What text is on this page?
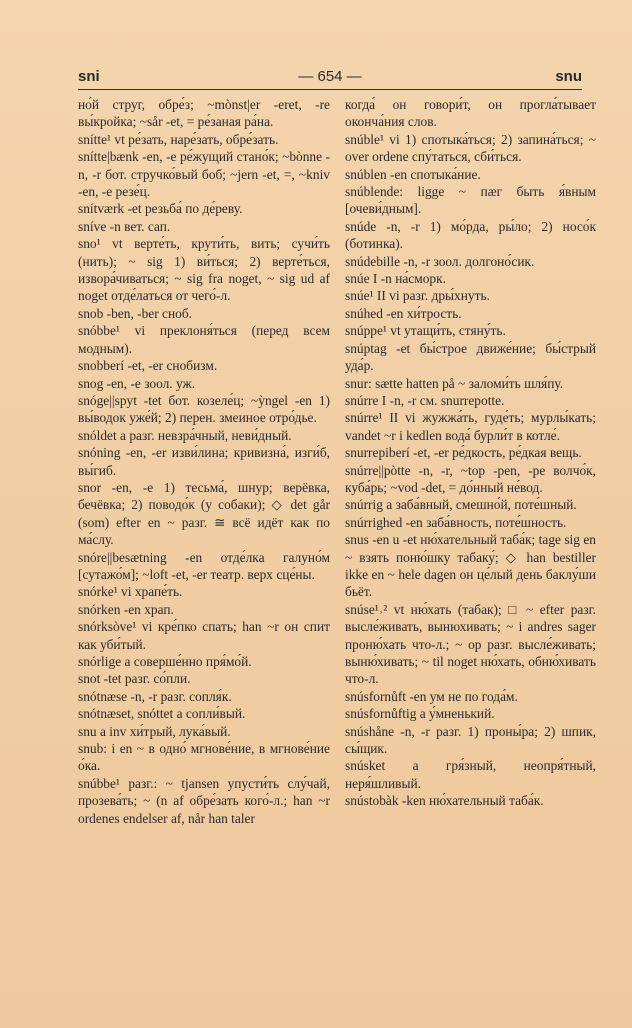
sni	— 654 —	snu

но́й струг, обре́з; ~mònst|er -eret, -re вы́кройка; ~sår -et, = ре́заная ра́на.

snítte¹ vt ре́зать, наре́зать, обре́зать.

snítte|bænk -en, -e ре́жущий стано́к; ~bònne -n, -r бот. стручко́вый боб; ~jern -et, =, ~kniv -en, -e резе́ц.

snítværk -et резьба́ по де́реву.

sníve -n вет. сап.

sno¹ vt верте́ть, крути́ть, вить; сучи́ть (нить); ~ sig 1) ви́ться; 2) верте́ться, извора́чиваться; ~ sig fra noget, ~ sig ud af noget отде́латься от чего́-л.

snob -ben, -ber сноб.

snóbbe¹ vi преклоня́ться (перед всем модным).

snobberí -et, -er снобизм.

snog -en, -e зоол. уж.

snóge||spyt -tet бот. козеле́ц; ~ỳngel -en 1) вы́водок уже́й; 2) перен. змеиное отро́дье.

snóldet a разг. невзра́чный, неви́дный.

snóning -en, -er изви́лина; кривизна́, изги́б, вы́гиб.

snor -en, -e 1) тесьма́, шнур; верёвка, бечёвка; 2) поводо́к (у собаки); ◇ det går (som) efter en ~ разг. ≅ всё идёт как по ма́слу.

snóre||besætning -en отде́лка галуно́м [сутажо́м]; ~loft -et, -er театр. верх сце́ны.

snórke¹ vi храпе́ть.

snórken -en храп.

snórksòve¹ vi кре́пко спать; han ~r он спит как уби́тый.

snórlige a соверше́нно пря́мо́й.

snot -tet разг. со́пли.

snótnæse -n, -r разг. сопля́к.

snótnæset, snóttet a сопли́вый.

snu a inv хи́трый, лука́вый.

snub: i en ~ в одно́ мгнове́ние, в мгнове́ние о́ка.

snúbbe¹ разг.: ~ tjansen упусти́ть слу́чай, прозева́ть; ~ (n af обре́зать кого́-л.; han ~r ordenes endelser af, når han taler

когда́ он говори́т, он прогла́тывает оконча́ния слов.

snúble¹ vi 1) спотыка́ться; 2) запина́ться; ~ over ordene спу́таться, сби́ться.

snúblen -en спотыка́ние.

snúblende: ligge ~ пæг быть я́вным [очеви́дным].

snúde -n, -r 1) мо́рда, ры́ло; 2) носо́к (ботинка).

snúdebille -n, -r зоол. долгоно́сик.

snúe I -n на́сморк.

snúe¹ II vi разг. дры́хнуть.

snúhed -en хи́трость.

snúppe¹ vt утащи́ть, стяну́ть.

snúptag -et бы́строе движе́ние; бы́стрый уда́р.

snur: sætte hatten på ~ заломи́ть шля́пу.

snúrre I -n, -r см. snurrepotte.

snúrre¹ II vi жужжа́ть, гуде́ть; мурлы́кать; vandet ~r i kedlen вода́ бурли́т в котле́.

snurrepiberí -et, -er ре́дкость, ре́дкая вещь.

snúrre||pòtte -n, -r, ~top -pen, -pe волчо́к, куба́рь; ~vod -det, = до́нный не́вод.

snúrrig a заба́вный, смешно́й, поте́шный.

snúrrighed -en заба́вность, поте́шность.

snus -en u -et ню́хательный таба́к; tage sig en ~ взять поню́шку табаку́; ◇ han bestiller ikke en ~ hele dagen он це́лый день баклу́ши бьёт.

snúse¹˒² vt ню́хать (табак); □ ~ efter разг. высле́живать, вынюхивать; ~ i andres sager проню́хать что-л.; ~ op разг. высле́живать; выню́хивать; ~ til noget ню́хать, обню́хивать что-л.

snúsfornůft -en ум не по года́м.

snúsfornůftig a у́мненький.

snúshåne -n, -r разг. 1) проны́ра; 2) шпик, сы́щик.

snúsket a гря́зный, неопря́тный, неря́шливый.

snústobàk -ken ню́хательный таба́к.
